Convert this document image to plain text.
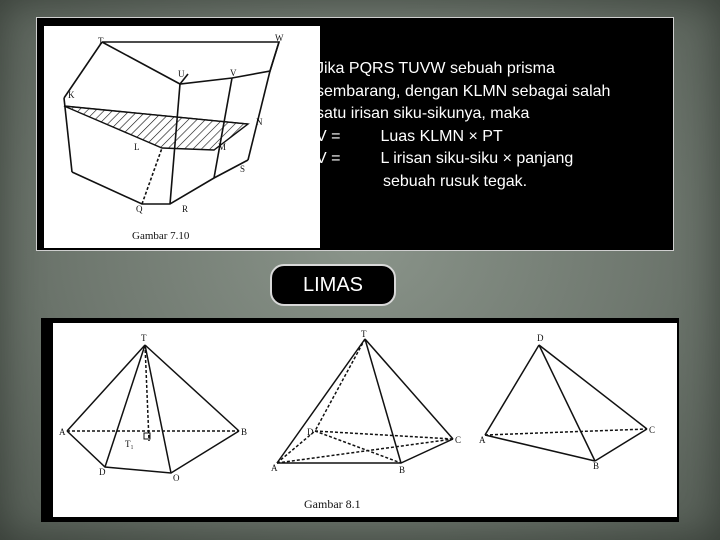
T	W
U	V
K
N
L	M
S
Q	R
Gambar 7.10
Jika PQRS TUVW sebuah prisma
sembarang, dengan KLMN sebagai salah
satu irisan siku-sikunya, maka
V =	Luas KLMN × PT
V =	L irisan siku-siku × panjang
sebuah rusuk tegak.
LIMAS
T
A	B
D
O
T₁
T
D
C
A	B
D
A
C
B
Gambar 8.1
